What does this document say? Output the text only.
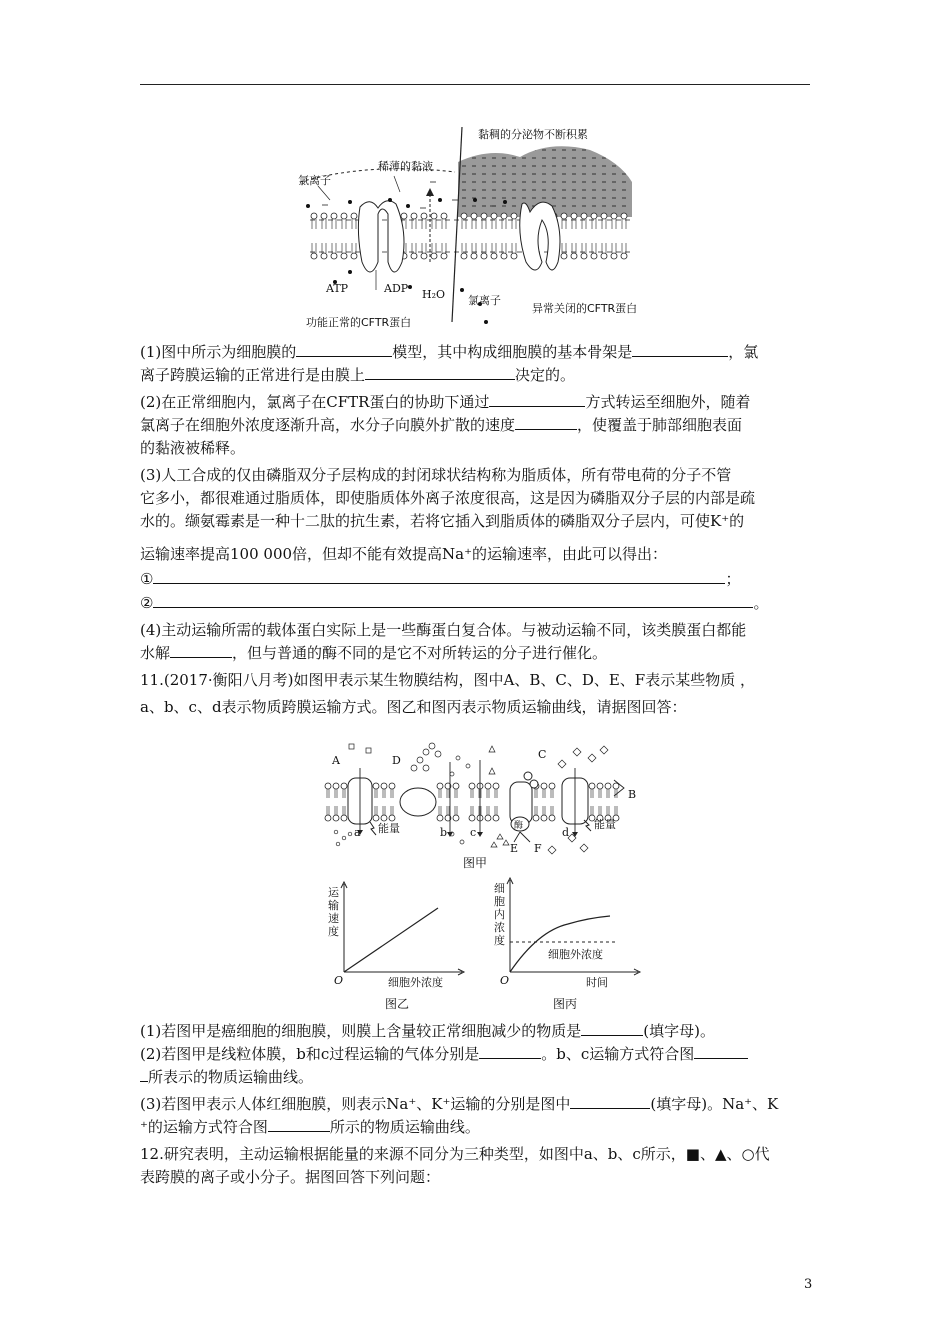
黏稠的分泌物不断积累
稀薄的黏液
氯离子
ATP	ADP H₂O 氯离子
功能正常的CFTR蛋白
异常关闭的CFTR蛋白
(1)图中所示为细胞膜的	模型，其中构成细胞膜的基本骨架是	，氯
离子跨膜运输的正常进行是由膜上	决定的。
(2)在正常细胞内，氯离子在CFTR蛋白的协助下通过	方式转运至细胞外，随着
氯离子在细胞外浓度逐渐升高，水分子向膜外扩散的速度	，使覆盖于肺部细胞表面
的黏液被稀释。
(3)人工合成的仅由磷脂双分子层构成的封闭球状结构称为脂质体，所有带电荷的分子不管
它多小，都很难通过脂质体，即使脂质体外离子浓度很高，这是因为磷脂双分子层的内部是疏
水的。缬氨霉素是一种十二肽的抗生素，若将它插入到脂质体的磷脂双分子层内，可使K⁺的
运输速率提高100 000倍，但却不能有效提高Na⁺的运输速率，由此可以得出：
①	；
②	。
(4)主动运输所需的载体蛋白实际上是一些酶蛋白复合体。与被动运输不同，该类膜蛋白都能
水解	，但与普通的酶不同的是它不对所转运的分子进行催化。
11.(2017·衡阳八月考)如图甲表示某生物膜结构，图中A、B、C、D、E、F表示某些物质 ，
a、b、c、d表示物质跨膜运输方式。图乙和图丙表示物质运输曲线，请据图回答：
A	D	C
B
a	b c	d
E F
能量	能量
酶
图甲
O	细胞外浓度
运
输
速
度
图乙
O	时间
细胞外浓度
细
胞
内
浓
度
图丙
(1)若图甲是癌细胞的细胞膜，则膜上含量较正常细胞减少的物质是	(填字母)。
(2)若图甲是线粒体膜，b和c过程运输的气体分别是	。b、c运输方式符合图
所表示的物质运输曲线。
(3)若图甲表示人体红细胞膜，则表示Na⁺、K⁺运输的分别是图中	(填字母)。Na⁺、K
⁺的运输方式符合图	所示的物质运输曲线。
12.研究表明，主动运输根据能量的来源不同分为三种类型，如图中a、b、c所示，■、▲、○代
表跨膜的离子或小分子。据图回答下列问题：
3
